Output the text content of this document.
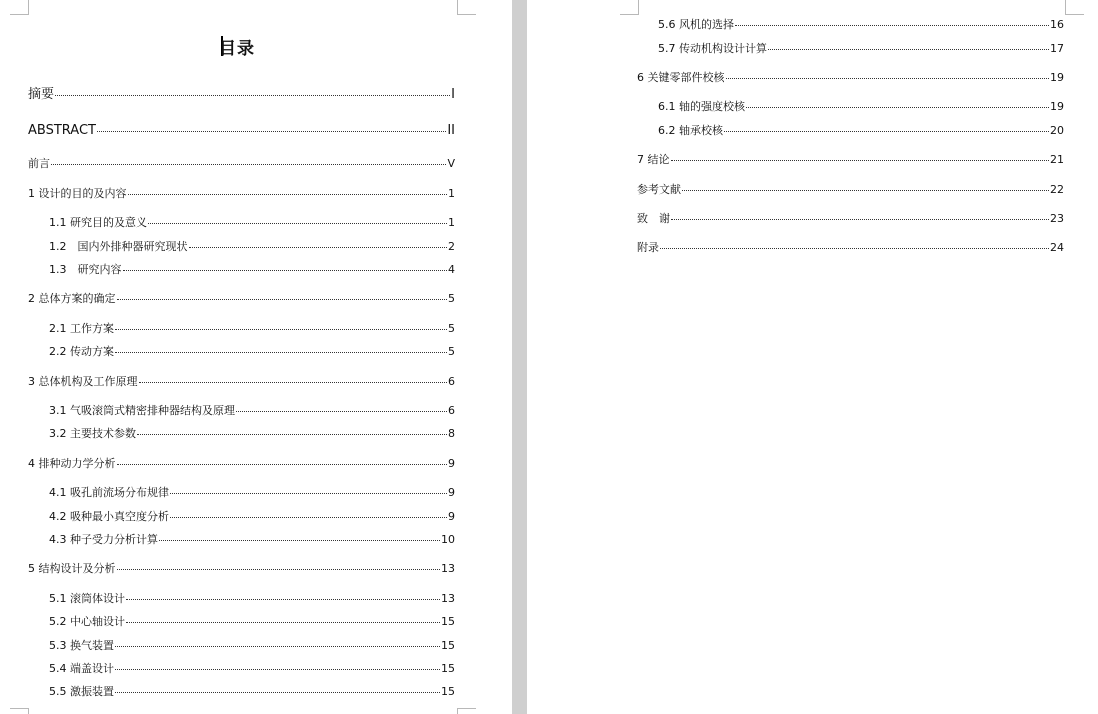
目录
摘要	I
ABSTRACT	II
前言	V
1 设计的目的及内容	1
1.1 研究目的及意义	1
1.2　国内外排种器研究现状	2
1.3　研究内容	4
2 总体方案的确定	5
2.1 工作方案	5
2.2 传动方案	5
3 总体机构及工作原理	6
3.1 气吸滚筒式精密排种器结构及原理	6
3.2 主要技术参数	8
4 排种动力学分析	9
4.1 吸孔前流场分布规律	9
4.2 吸种最小真空度分析	9
4.3 种子受力分析计算	10
5 结构设计及分析	13
5.1 滚筒体设计	13
5.2 中心轴设计	15
5.3 换气装置	15
5.4 端盖设计	15
5.5 激振装置	15
5.6 风机的选择	16
5.7 传动机构设计计算	17
6 关键零部件校核	19
6.1 轴的强度校核	19
6.2 轴承校核	20
7 结论	21
参考文献	22
致　谢	23
附录	24
